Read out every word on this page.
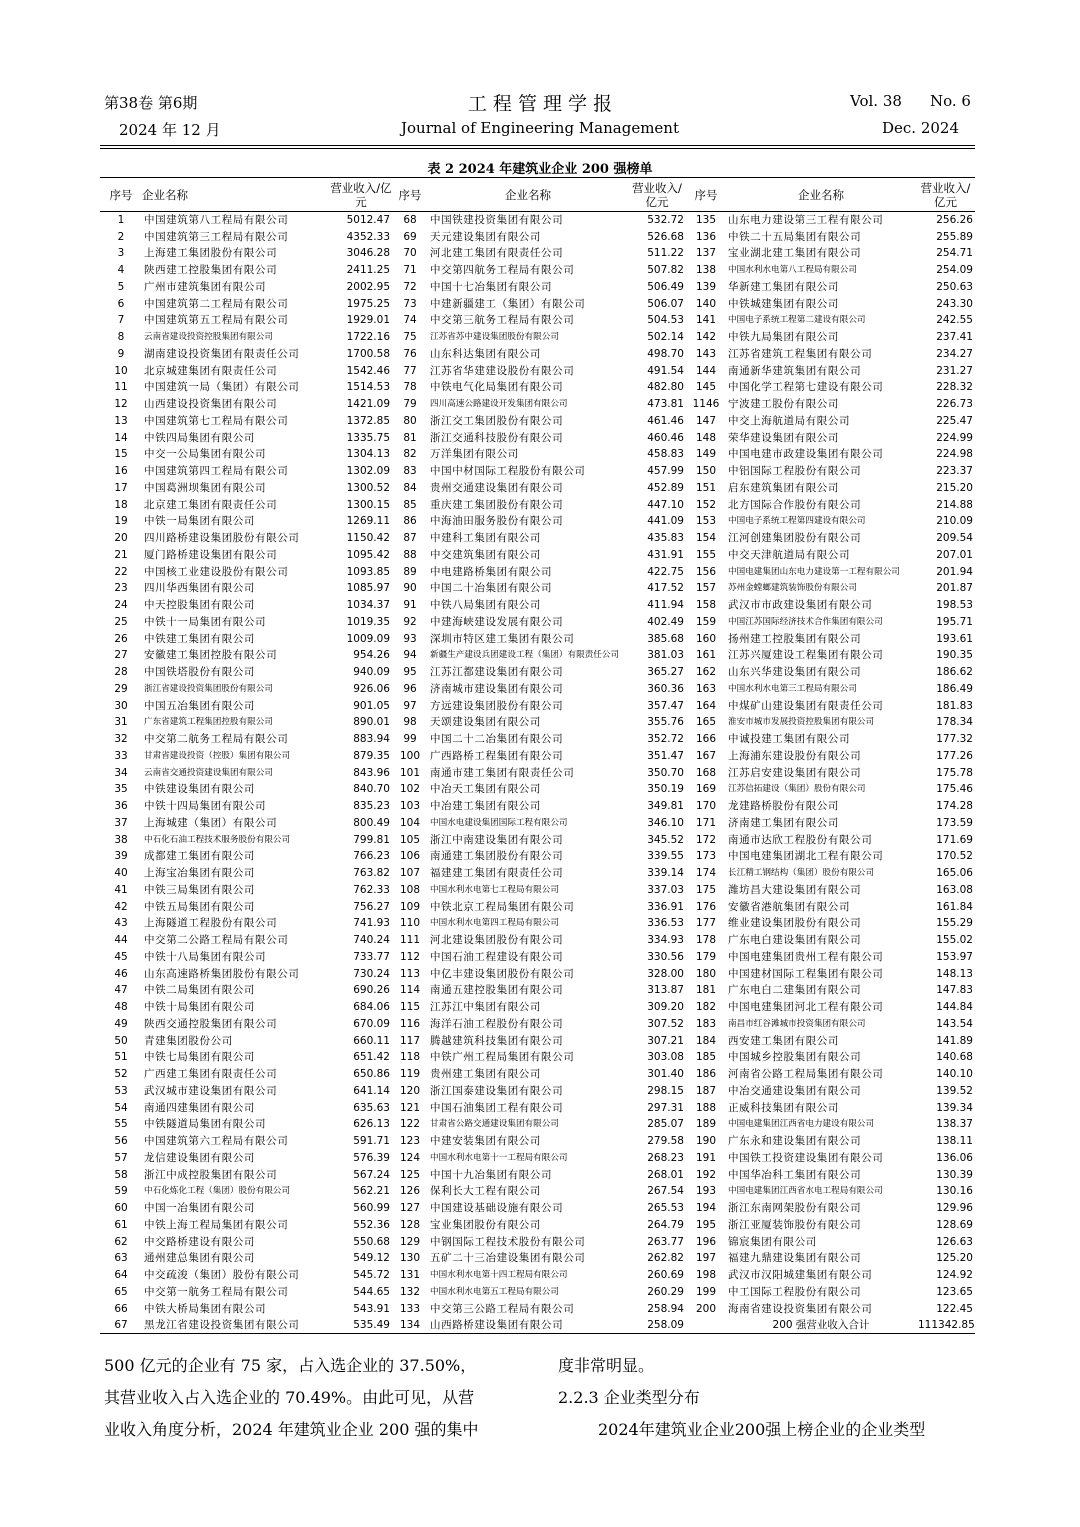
第38卷 第6期	工 程 管 理 学 报	Vol. 38 No. 6
2024 年 12 月	Journal of Engineering Management	Dec. 2024
表 2 2024 年建筑业企业 200 强榜单
序号	企业名称	营业收入/亿元	序号	企业名称	营业收入/亿元	序号	企业名称	营业收入/亿元
1	中国建筑第八工程局有限公司	5012.47	68	中国铁建投资集团有限公司	532.72	135	山东电力建设第三工程有限公司	256.26
2	中国建筑第三工程局有限公司	4352.33	69	天元建设集团有限公司	526.68	136	中铁二十五局集团有限公司	255.89
3	上海建工集团股份有限公司	3046.28	70	河北建工集团有限责任公司	511.22	137	宝业湖北建工集团有限公司	254.71
4	陕西建工控股集团有限公司	2411.25	71	中交第四航务工程局有限公司	507.82	138	中国水利水电第八工程局有限公司	254.09
5	广州市建筑集团有限公司	2002.95	72	中国十七冶集团有限公司	506.49	139	华新建工集团有限公司	250.63
6	中国建筑第二工程局有限公司	1975.25	73	中建新疆建工（集团）有限公司	506.07	140	中铁城建集团有限公司	243.30
7	中国建筑第五工程局有限公司	1929.01	74	中交第三航务工程局有限公司	504.53	141	中国电子系统工程第二建设有限公司	242.55
8	云南省建设投资控股集团有限公司	1722.16	75	江苏省苏中建设集团股份有限公司	502.14	142	中铁九局集团有限公司	237.41
9	湖南建设投资集团有限责任公司	1700.58	76	山东科达集团有限公司	498.70	143	江苏省建筑工程集团有限公司	234.27
10	北京城建集团有限责任公司	1542.46	77	江苏省华建建设股份有限公司	491.54	144	南通新华建筑集团有限公司	231.27
11	中国建筑一局（集团）有限公司	1514.53	78	中铁电气化局集团有限公司	482.80	145	中国化学工程第七建设有限公司	228.32
12	山西建设投资集团有限公司	1421.09	79	四川高速公路建设开发集团有限公司	473.81	1146	宁波建工股份有限公司	226.73
13	中国建筑第七工程局有限公司	1372.85	80	浙江交工集团股份有限公司	461.46	147	中交上海航道局有限公司	225.47
14	中铁四局集团有限公司	1335.75	81	浙江交通科技股份有限公司	460.46	148	荣华建设集团有限公司	224.99
15	中交一公局集团有限公司	1304.13	82	万洋集团有限公司	458.83	149	中国电建市政建设集团有限公司	224.98
16	中国建筑第四工程局有限公司	1302.09	83	中国中材国际工程股份有限公司	457.99	150	中铝国际工程股份有限公司	223.37
17	中国葛洲坝集团有限公司	1300.52	84	贵州交通建设集团有限公司	452.89	151	启东建筑集团有限公司	215.20
18	北京建工集团有限责任公司	1300.15	85	重庆建工集团股份有限公司	447.10	152	北方国际合作股份有限公司	214.88
19	中铁一局集团有限公司	1269.11	86	中海油田服务股份有限公司	441.09	153	中国电子系统工程第四建设有限公司	210.09
20	四川路桥建设集团股份有限公司	1150.42	87	中建科工集团有限公司	435.83	154	江河创建集团股份有限公司	209.54
21	厦门路桥建设集团有限公司	1095.42	88	中交建筑集团有限公司	431.91	155	中交天津航道局有限公司	207.01
22	中国核工业建设股份有限公司	1093.85	89	中电建路桥集团有限公司	422.75	156	中国电建集团山东电力建设第一工程有限公司	201.94
23	四川华西集团有限公司	1085.97	90	中国二十冶集团有限公司	417.52	157	苏州金螳螂建筑装饰股份有限公司	201.87
24	中天控股集团有限公司	1034.37	91	中铁八局集团有限公司	411.94	158	武汉市市政建设集团有限公司	198.53
25	中铁十一局集团有限公司	1019.35	92	中建海峡建设发展有限公司	402.49	159	中国江苏国际经济技术合作集团有限公司	195.71
26	中铁建工集团有限公司	1009.09	93	深圳市特区建工集团有限公司	385.68	160	扬州建工控股集团有限公司	193.61
27	安徽建工集团控股有限公司	954.26	94	新疆生产建设兵团建设工程（集团）有限责任公司	381.03	161	江苏兴厦建设工程集团有限公司	190.35
28	中国铁塔股份有限公司	940.09	95	江苏江都建设集团有限公司	365.27	162	山东兴华建设集团有限公司	186.62
29	浙江省建设投资集团股份有限公司	926.06	96	济南城市建设集团有限公司	360.36	163	中国水利水电第三工程局有限公司	186.49
30	中国五冶集团有限公司	901.05	97	方远建设集团股份有限公司	357.47	164	中煤矿山建设集团有限责任公司	181.83
31	广东省建筑工程集团控股有限公司	890.01	98	天颂建设集团有限公司	355.76	165	淮安市城市发展投资控股集团有限公司	178.34
32	中交第二航务工程局有限公司	883.94	99	中国二十二冶集团有限公司	352.72	166	中诚投建工集团有限公司	177.32
33	甘肃省建设投资（控股）集团有限公司	879.35	100	广西路桥工程集团有限公司	351.47	167	上海浦东建设股份有限公司	177.26
34	云南省交通投资建设集团有限公司	843.96	101	南通市建工集团有限责任公司	350.70	168	江苏启安建设集团有限公司	175.78
35	中铁建设集团有限公司	840.70	102	中冶天工集团有限公司	350.19	169	江苏信拓建设（集团）股份有限公司	175.46
36	中铁十四局集团有限公司	835.23	103	中冶建工集团有限公司	349.81	170	龙建路桥股份有限公司	174.28
37	上海城建（集团）有限公司	800.49	104	中国水电建设集团国际工程有限公司	346.10	171	济南建工集团有限公司	173.59
38	中石化石油工程技术服务股份有限公司	799.81	105	浙江中南建设集团有限公司	345.52	172	南通市达欣工程股份有限公司	171.69
39	成都建工集团有限公司	766.23	106	南通建工集团股份有限公司	339.55	173	中国电建集团湖北工程有限公司	170.52
40	上海宝冶集团有限公司	763.82	107	福建建工集团有限责任公司	339.14	174	长江精工钢结构（集团）股份有限公司	165.06
41	中铁三局集团有限公司	762.33	108	中国水利水电第七工程局有限公司	337.03	175	潍坊昌大建设集团有限公司	163.08
42	中铁五局集团有限公司	756.27	109	中铁北京工程局集团有限公司	336.91	176	安徽省港航集团有限公司	161.84
43	上海隧道工程股份有限公司	741.93	110	中国水利水电第四工程局有限公司	336.53	177	维业建设集团股份有限公司	155.29
44	中交第二公路工程局有限公司	740.24	111	河北建设集团股份有限公司	334.93	178	广东电白建设集团有限公司	155.02
45	中铁十八局集团有限公司	733.77	112	中国石油工程建设有限公司	330.56	179	中国电建集团贵州工程有限公司	153.97
46	山东高速路桥集团股份有限公司	730.24	113	中亿丰建设集团股份有限公司	328.00	180	中国建材国际工程集团有限公司	148.13
47	中铁二局集团有限公司	690.26	114	南通五建控股集团有限公司	313.87	181	广东电白二建集团有限公司	147.83
48	中铁十局集团有限公司	684.06	115	江苏江中集团有限公司	309.20	182	中国电建集团河北工程有限公司	144.84
49	陕西交通控股集团有限公司	670.09	116	海洋石油工程股份有限公司	307.52	183	南昌市红谷滩城市投资集团有限公司	143.54
50	青建集团股份公司	660.11	117	腾越建筑科技集团有限公司	307.21	184	西安建工集团有限公司	141.89
51	中铁七局集团有限公司	651.42	118	中铁广州工程局集团有限公司	303.08	185	中国城乡控股集团有限公司	140.68
52	广西建工集团有限责任公司	650.86	119	贵州建工集团有限公司	301.40	186	河南省公路工程局集团有限公司	140.10
53	武汉城市建设集团有限公司	641.14	120	浙江国泰建设集团有限公司	298.15	187	中冶交通建设集团有限公司	139.52
54	南通四建集团有限公司	635.63	121	中国石油集团工程有限公司	297.31	188	正威科技集团有限公司	139.34
55	中铁隧道局集团有限公司	626.13	122	甘肃省公路交通建设集团有限公司	285.07	189	中国电建集团江西省电力建设有限公司	138.37
56	中国建筑第六工程局有限公司	591.71	123	中建安装集团有限公司	279.58	190	广东永和建设集团有限公司	138.11
57	龙信建设集团有限公司	576.39	124	中国水利水电第十一工程局有限公司	268.23	191	中国铁工投资建设集团有限公司	136.06
58	浙江中成控股集团有限公司	567.24	125	中国十九冶集团有限公司	268.01	192	中国华冶科工集团有限公司	130.39
59	中石化炼化工程（集团）股份有限公司	562.21	126	保利长大工程有限公司	267.54	193	中国电建集团江西省水电工程局有限公司	130.16
60	中国一冶集团有限公司	560.99	127	中国建设基础设施有限公司	265.53	194	浙江东南网架股份有限公司	129.96
61	中铁上海工程局集团有限公司	552.36	128	宝业集团股份有限公司	264.79	195	浙江亚厦装饰股份有限公司	128.69
62	中交路桥建设有限公司	550.68	129	中钢国际工程技术股份有限公司	263.77	196	锦宸集团有限公司	126.63
63	通州建总集团有限公司	549.12	130	五矿二十三冶建设集团有限公司	262.82	197	福建九鼎建设集团有限公司	125.20
64	中交疏浚（集团）股份有限公司	545.72	131	中国水利水电第十四工程局有限公司	260.69	198	武汉市汉阳城建集团有限公司	124.92
65	中交第一航务工程局有限公司	544.65	132	中国水利水电第五工程局有限公司	260.29	199	中工国际工程股份有限公司	123.65
66	中铁大桥局集团有限公司	543.91	133	中交第三公路工程局有限公司	258.94	200	海南省建设投资集团有限公司	122.45
67	黑龙江省建设投资集团有限公司	535.49	134	山西路桥建设集团有限公司	258.09		200 强营业收入合计	111342.85

500 亿元的企业有 75 家，占入选企业的 37.50%，

其营业收入占入选企业的 70.49%。由此可见，从营

业收入角度分析，2024 年建筑业企业 200 强的集中

度非常明显。

2.2.3 企业类型分布

2024年建筑业企业200强上榜企业的企业类型
